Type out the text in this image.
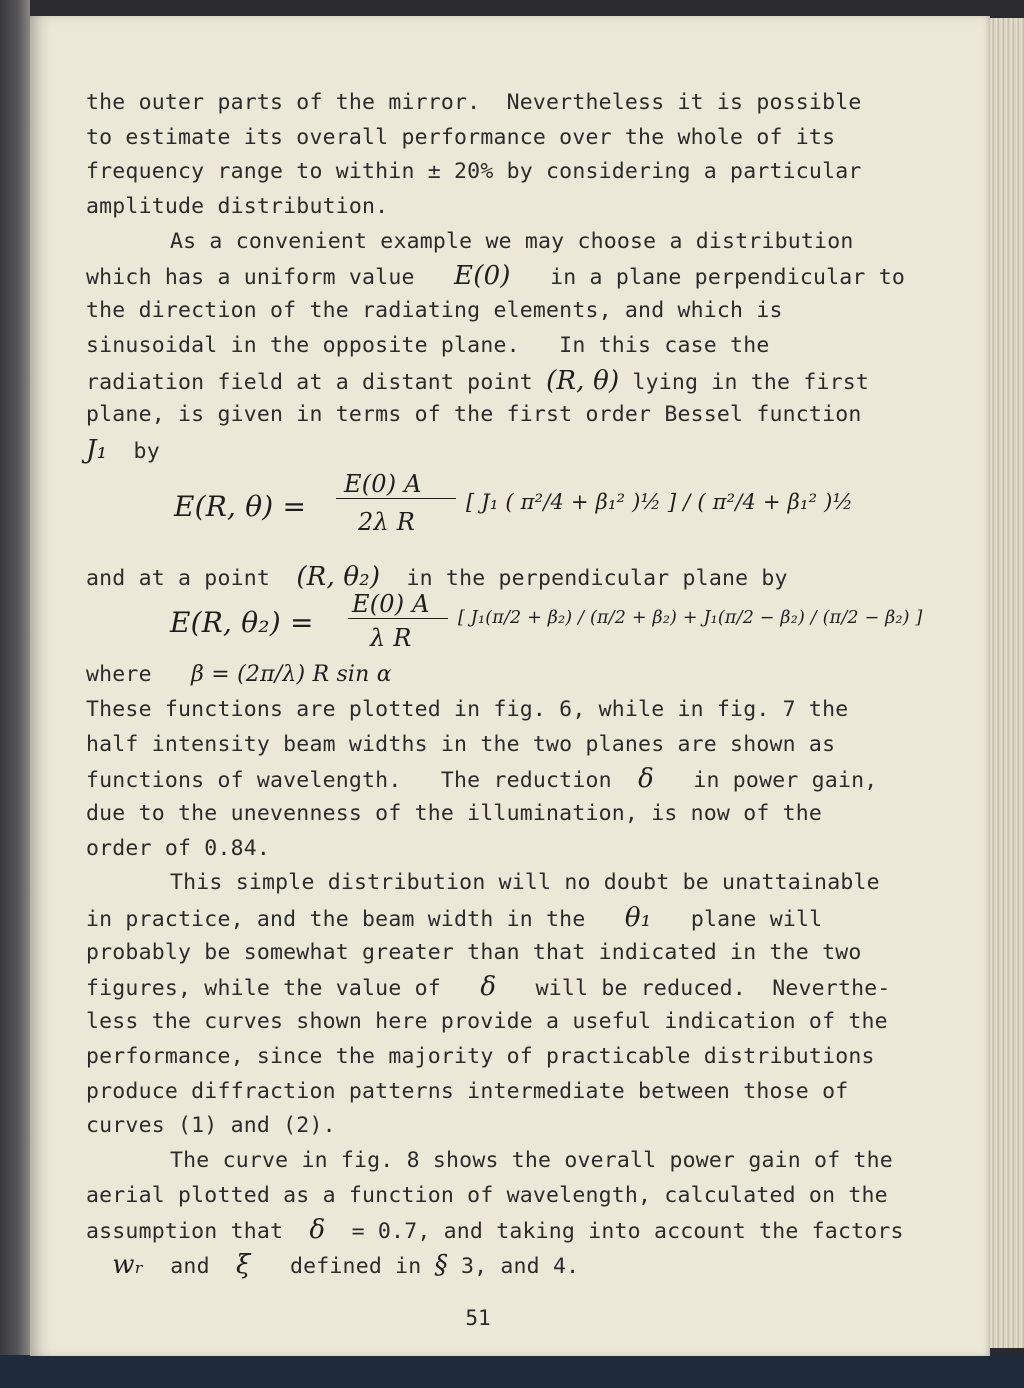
the outer parts of the mirror.  Nevertheless it is possible
to estimate its overall performance over the whole of its
frequency range to within ± 20% by considering a particular
amplitude distribution.
As a convenient example we may choose a distribution
which has a uniform value E(0) in a plane perpendicular to
the direction of the radiating elements, and which is
sinusoidal in the opposite plane.   In this case the
radiation field at a distant point (R, θ) lying in the first
plane, is given in terms of the first order Bessel function
J₁ by
E(R, θ) =
E(0) A
2λ R
[ J₁ ( π²/4 + β₁² )½ ] / ( π²/4 + β₁² )½
and at a point (R, θ₂) in the perpendicular plane by
E(R, θ₂) =
E(0) A
λ R
[ J₁(π/2 + β₂) / (π/2 + β₂) + J₁(π/2 − β₂) / (π/2 − β₂) ]
where β = (2π/λ) R sin α
These functions are plotted in fig. 6, while in fig. 7 the
half intensity beam widths in the two planes are shown as
functions of wavelength.   The reduction δ in power gain,
due to the unevenness of the illumination, is now of the
order of 0.84.
This simple distribution will no doubt be unattainable
in practice, and the beam width in the θ₁ plane will
probably be somewhat greater than that indicated in the two
figures, while the value of δ will be reduced.  Neverthe-
less the curves shown here provide a useful indication of the
performance, since the majority of practicable distributions
produce diffraction patterns intermediate between those of
curves (1) and (2).
The curve in fig. 8 shows the overall power gain of the
aerial plotted as a function of wavelength, calculated on the
assumption that δ = 0.7, and taking into account the factors
wᵣ and ξ defined in § 3, and 4.
51
